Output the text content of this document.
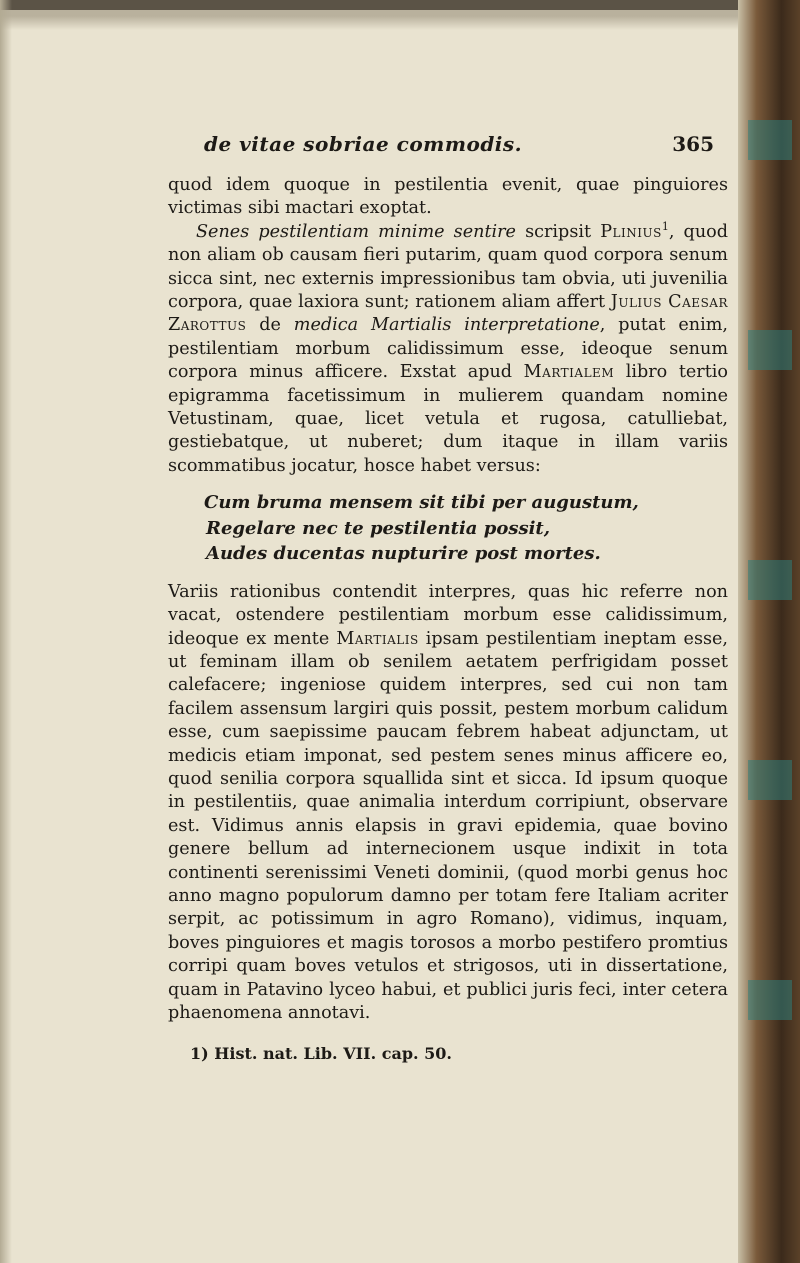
de vitae sobriae commodis.	365

quod idem quoque in pestilentia evenit, quae pinguiores victimas sibi mactari exoptat.

Senes pestilentiam minime sentire scripsit Plinius$^1$, quod non aliam ob causam fieri putarim, quam quod corpora senum sicca sint, nec externis impressionibus tam obvia, uti juvenilia corpora, quae laxiora sunt; rationem aliam affert Julius Caesar Zarottus de medica Martialis interpretatione, putat enim, pestilentiam morbum calidissimum esse, ideoque senum corpora minus afficere. Exstat apud Martialem libro tertio epigramma facetissimum in mulierem quandam nomine Vetustinam, quae, licet vetula et rugosa, catulliebat, gestiebatque, ut nuberet; dum itaque in illam variis scommatibus jocatur, hosce habet versus:

Cum bruma mensem sit tibi per augustum,
Regelare nec te pestilentia possit,
Audes ducentas nupturire post mortes.

Variis rationibus contendit interpres, quas hic referre non vacat, ostendere pestilentiam morbum esse calidissimum, ideoque ex mente Martialis ipsam pestilentiam ineptam esse, ut feminam illam ob senilem aetatem perfrigidam posset calefacere; ingeniose quidem interpres, sed cui non tam facilem assensum largiri quis possit, pestem morbum calidum esse, cum saepissime paucam febrem habeat adjunctam, ut medicis etiam imponat, sed pestem senes minus afficere eo, quod senilia corpora squallida sint et sicca. Id ipsum quoque in pestilentiis, quae animalia interdum corripiunt, observare est. Vidimus annis elapsis in gravi epidemia, quae bovino genere bellum ad internecionem usque indixit in tota continenti serenissimi Veneti dominii, (quod morbi genus hoc anno magno populorum damno per totam fere Italiam acriter serpit, ac potissimum in agro Romano), vidimus, inquam, boves pinguiores et magis torosos a morbo pestifero promtius corripi quam boves vetulos et strigosos, uti in dissertatione, quam in Patavino lyceo habui, et publici juris feci, inter cetera phaenomena annotavi.

1) Hist. nat. Lib. VII. cap. 50.
